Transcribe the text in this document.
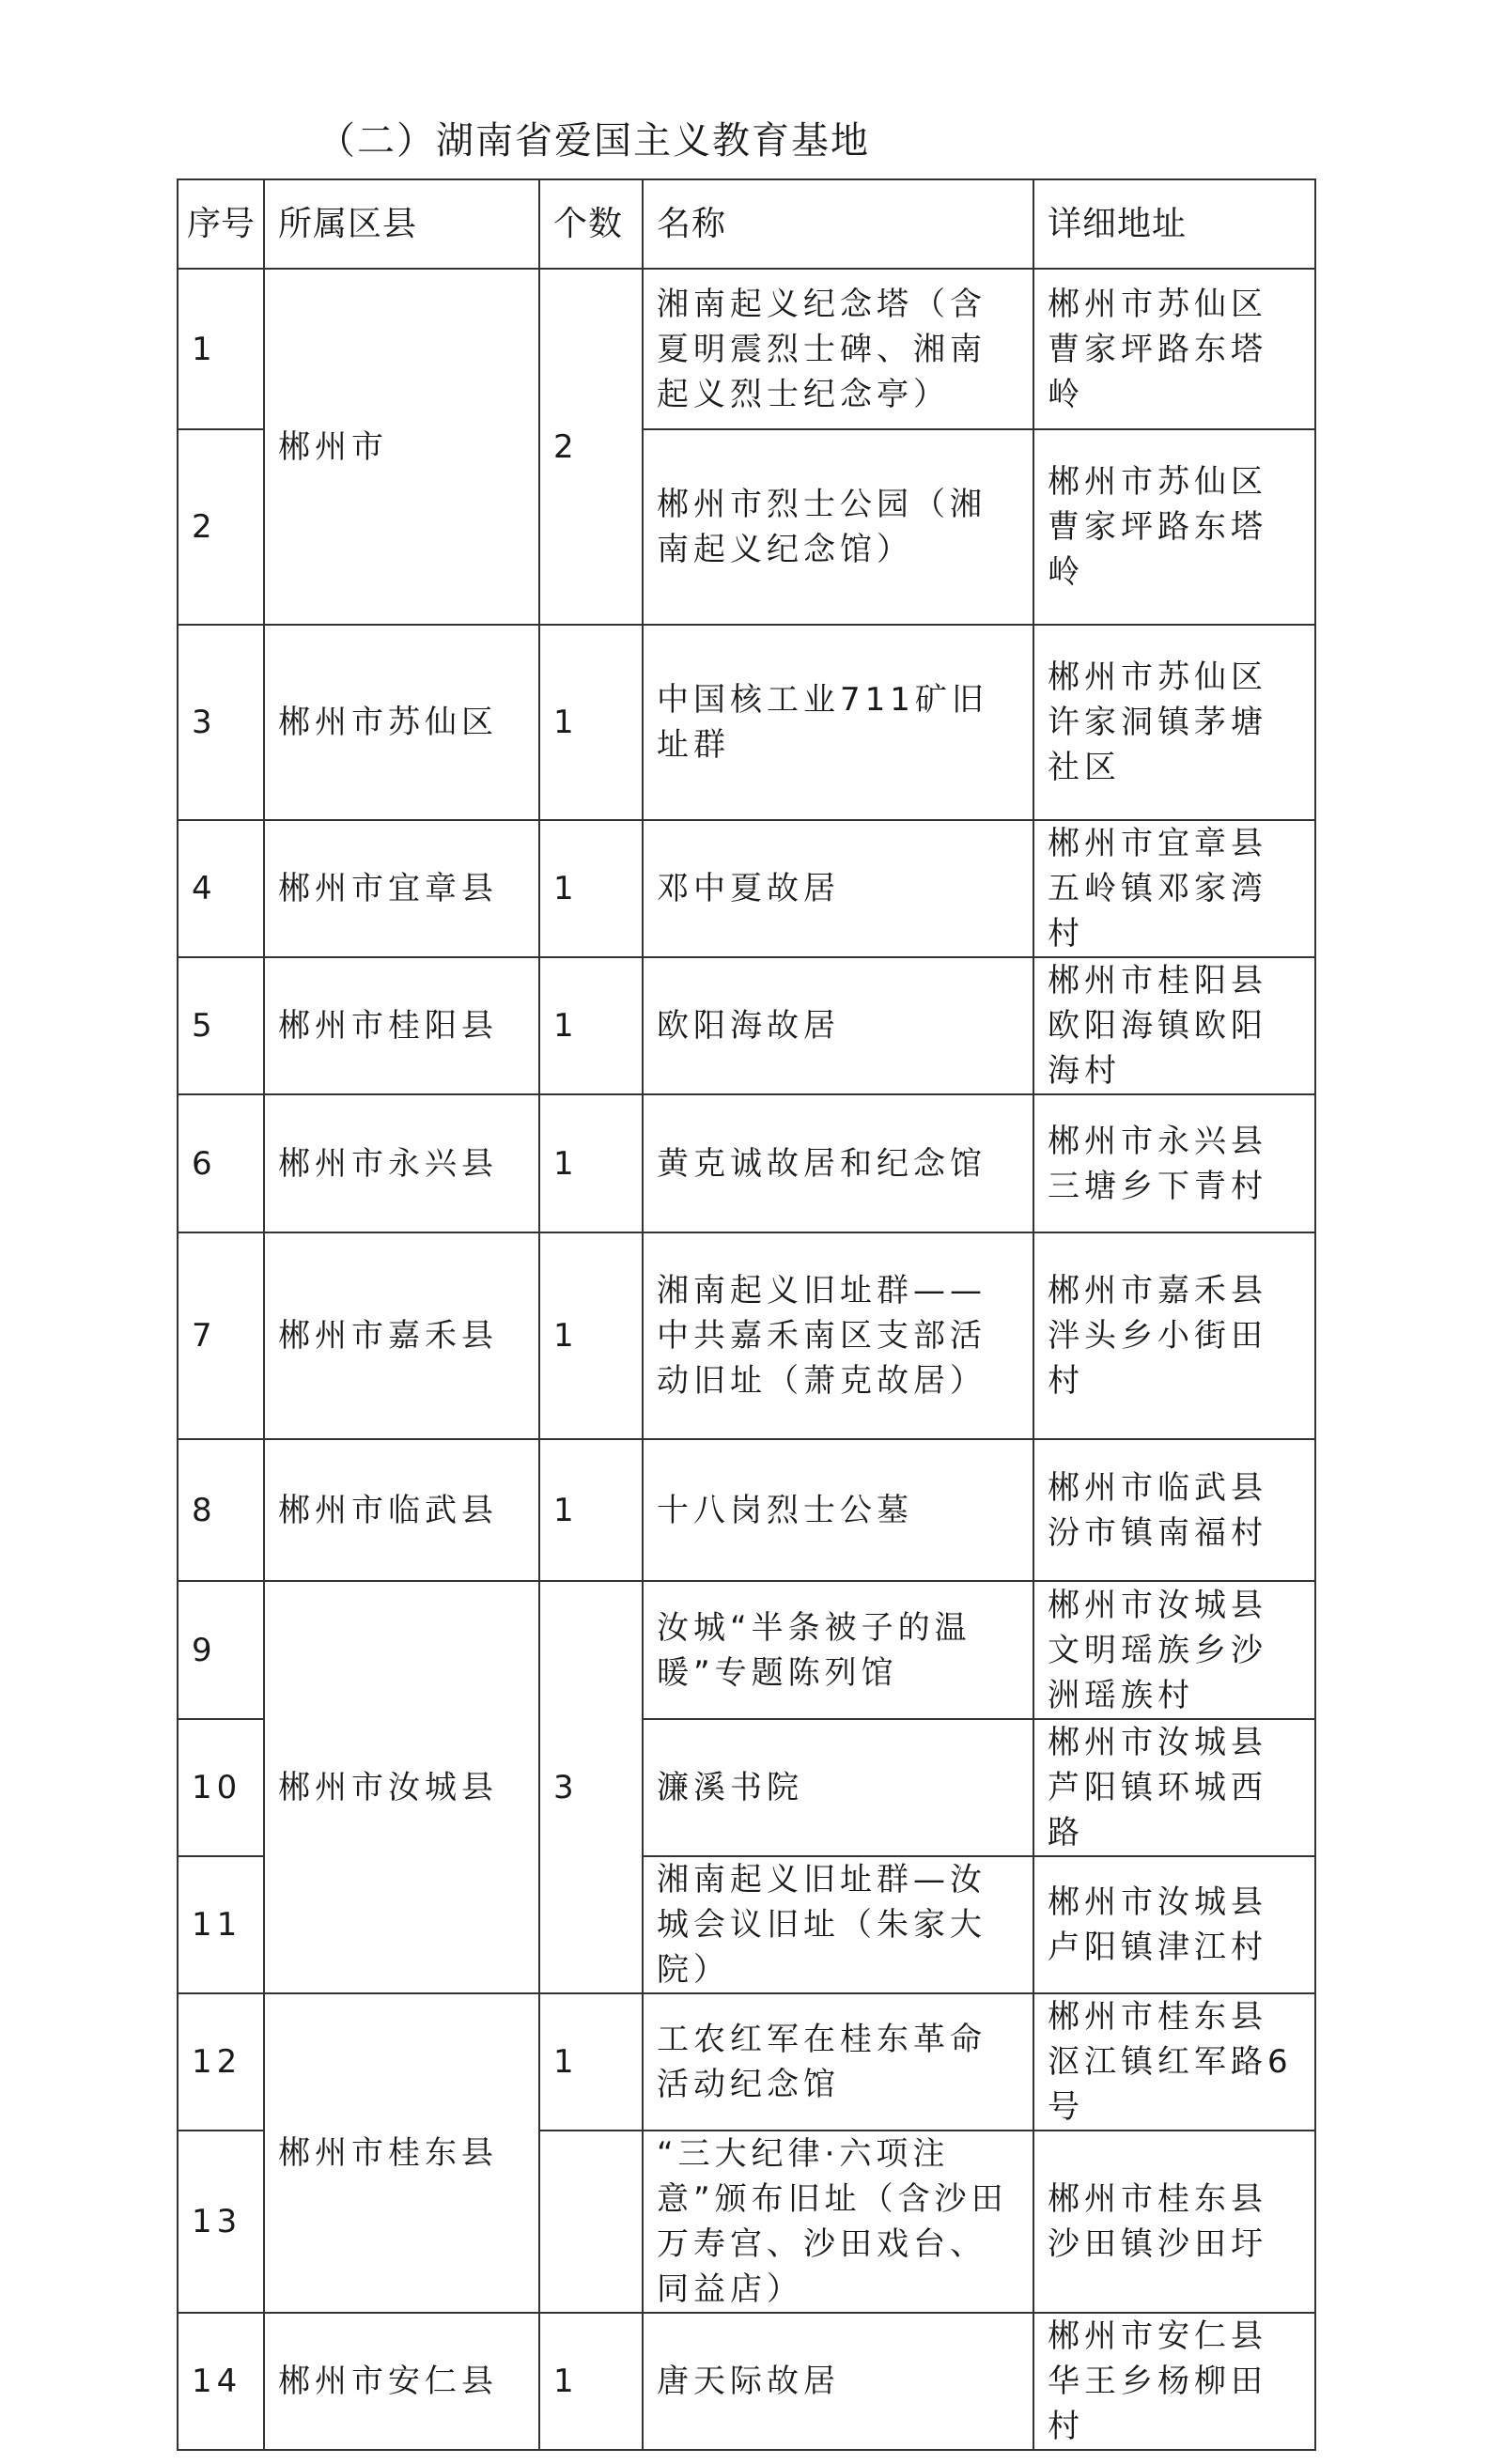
（二）湖南省爱国主义教育基地
序号	所属区县	个数	名称	详细地址
1	郴州市	2	湘南起义纪念塔（含夏明震烈士碑、湘南起义烈士纪念亭）	郴州市苏仙区曹家坪路东塔岭
2			郴州市烈士公园（湘南起义纪念馆）	郴州市苏仙区曹家坪路东塔岭
3	郴州市苏仙区	1	中国核工业711矿旧址群	郴州市苏仙区许家洞镇茅塘社区
4	郴州市宜章县	1	邓中夏故居	郴州市宜章县五岭镇邓家湾村
5	郴州市桂阳县	1	欧阳海故居	郴州市桂阳县欧阳海镇欧阳海村
6	郴州市永兴县	1	黄克诚故居和纪念馆	郴州市永兴县三塘乡下青村
7	郴州市嘉禾县	1	湘南起义旧址群——中共嘉禾南区支部活动旧址（萧克故居）	郴州市嘉禾县泮头乡小街田村
8	郴州市临武县	1	十八岗烈士公墓	郴州市临武县汾市镇南福村
9	郴州市汝城县	3	汝城“半条被子的温暖”专题陈列馆	郴州市汝城县文明瑶族乡沙洲瑶族村
10			濂溪书院	郴州市汝城县芦阳镇环城西路
11			湘南起义旧址群—汝城会议旧址（朱家大院）	郴州市汝城县卢阳镇津江村
12	郴州市桂东县	1	工农红军在桂东革命活动纪念馆	郴州市桂东县沤江镇红军路6号
13			“三大纪律·六项注意”颁布旧址（含沙田万寿宫、沙田戏台、同益店）	郴州市桂东县沙田镇沙田圩
14	郴州市安仁县	1	唐天际故居	郴州市安仁县华王乡杨柳田村
